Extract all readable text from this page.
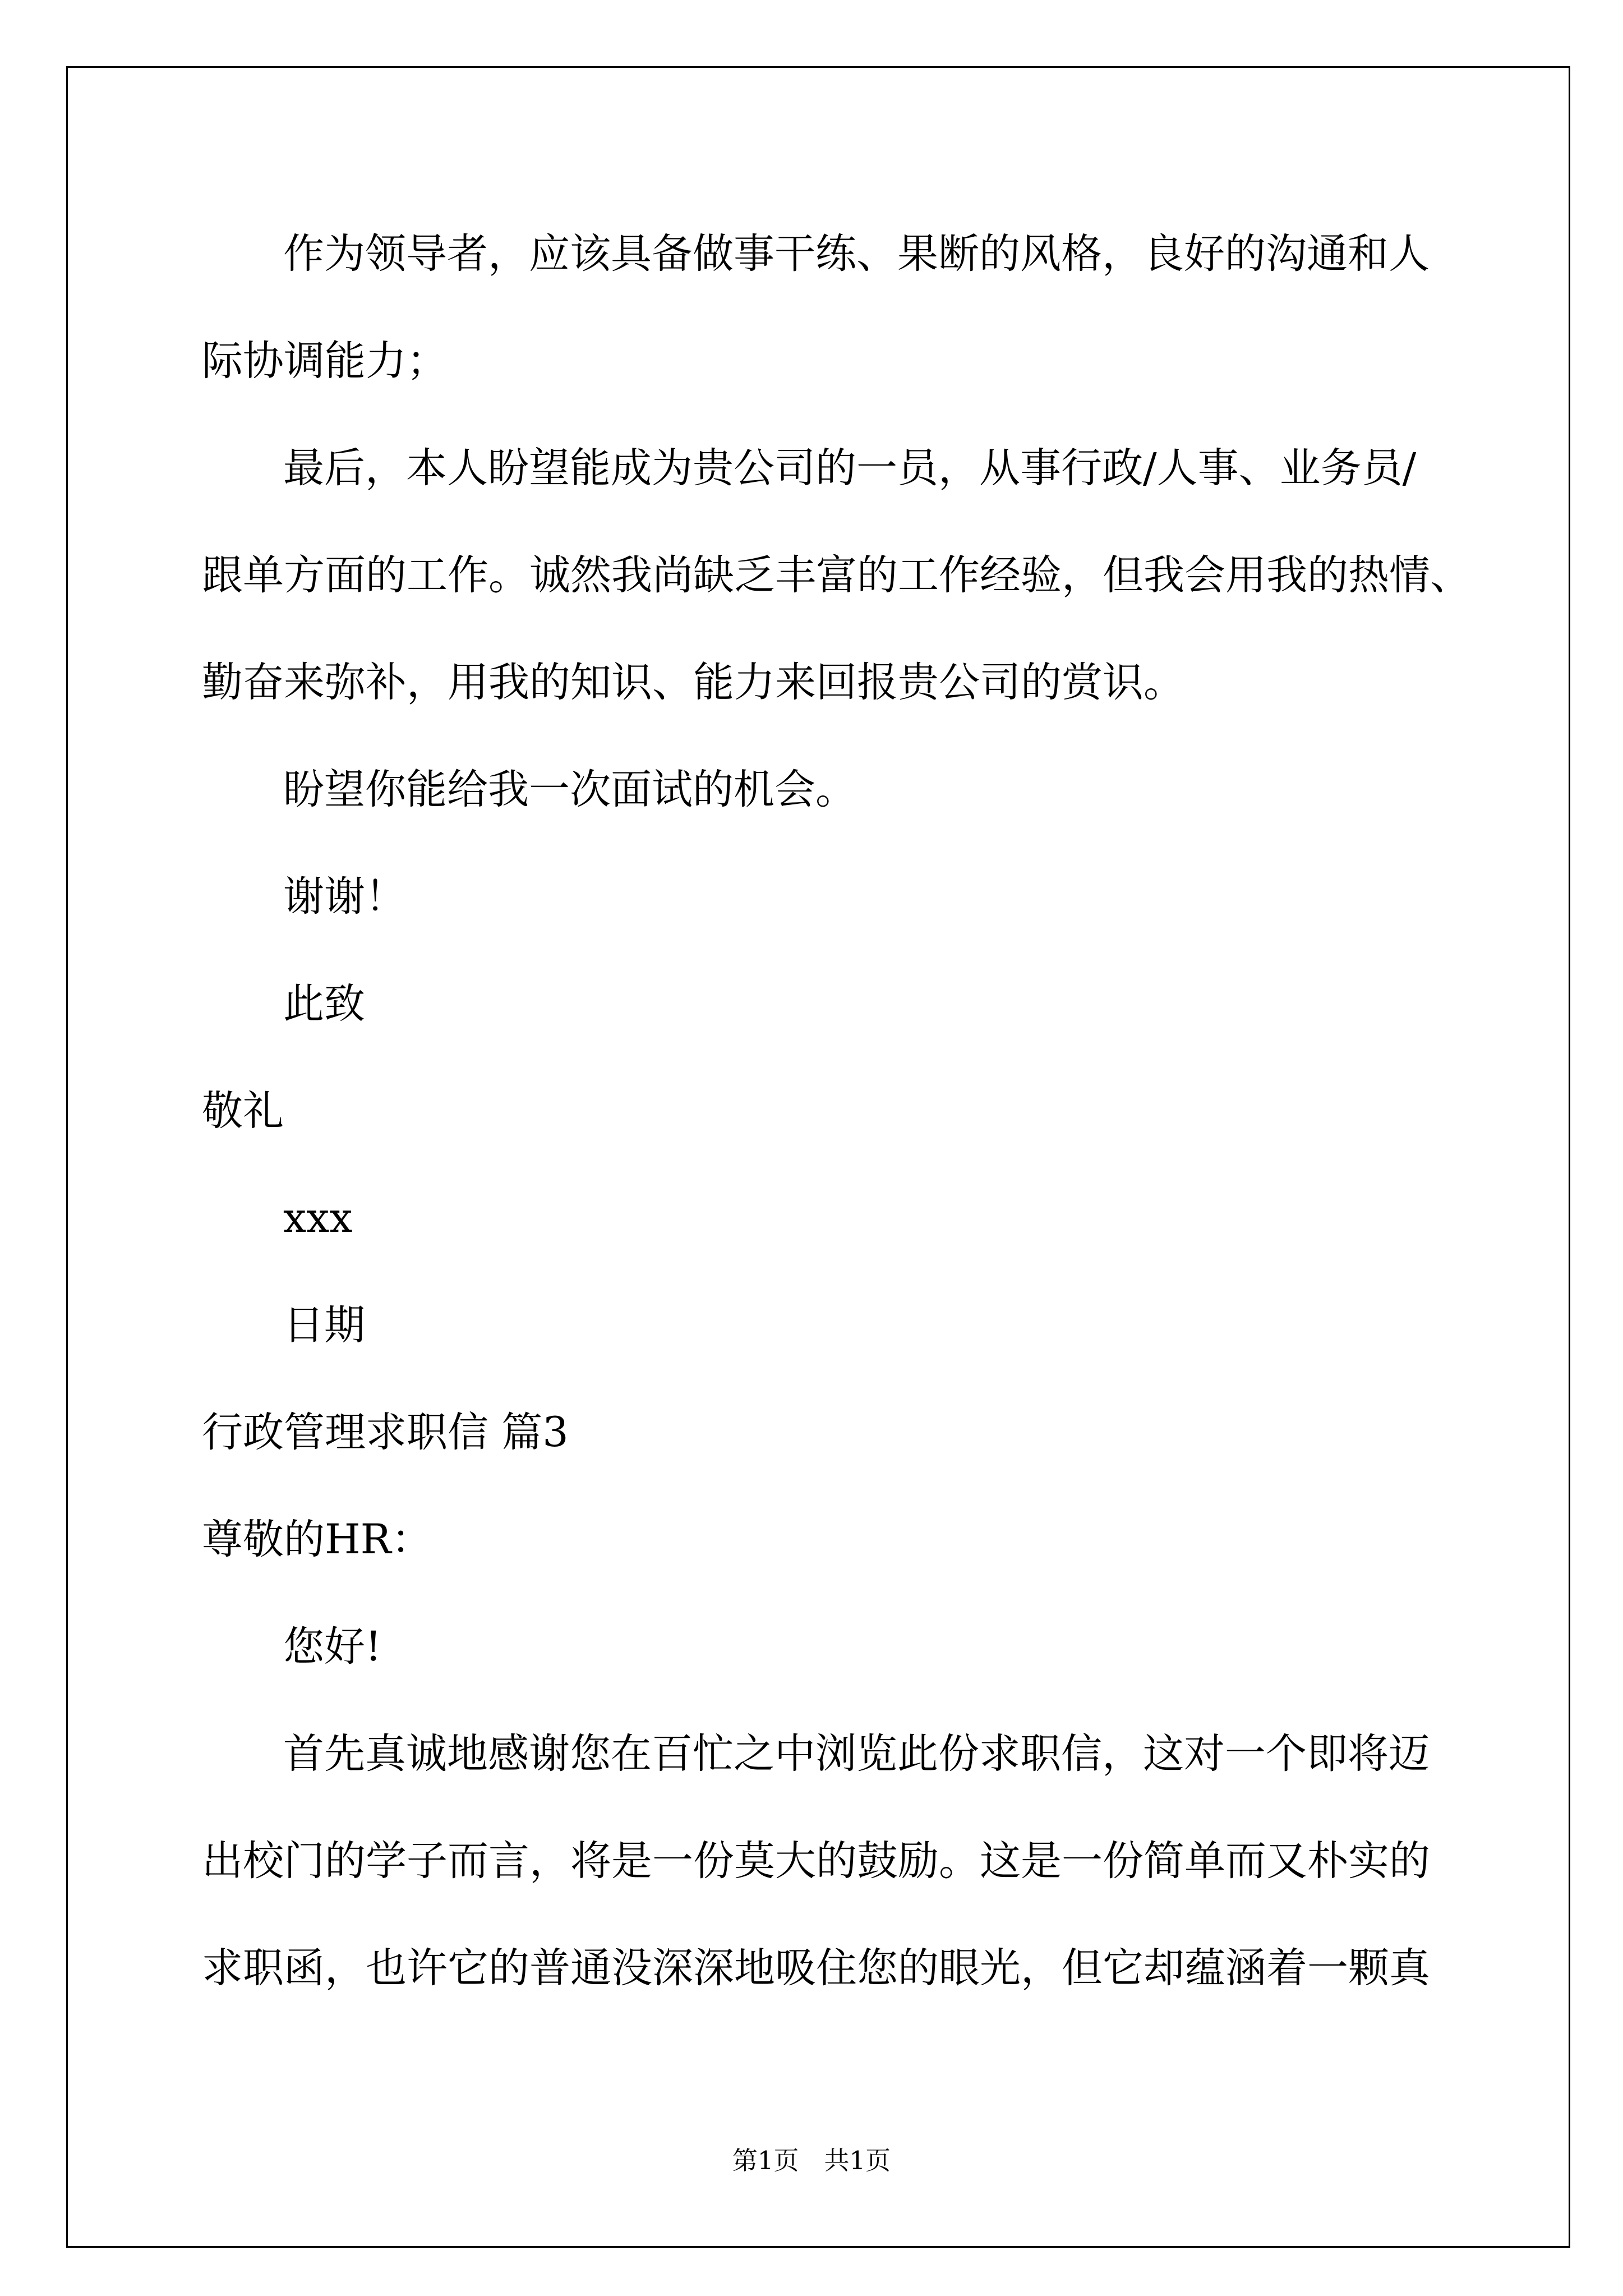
作为领导者，应该具备做事干练、果断的风格，良好的沟通和人
际协调能力；
最后，本人盼望能成为贵公司的一员，从事行政/人事、业务员/
跟单方面的工作。诚然我尚缺乏丰富的工作经验，但我会用我的热情、
勤奋来弥补，用我的知识、能力来回报贵公司的赏识。
盼望你能给我一次面试的机会。
谢谢！
此致
敬礼
xxx
日期
行政管理求职信 篇3
尊敬的HR：
您好!
首先真诚地感谢您在百忙之中浏览此份求职信，这对一个即将迈
出校门的学子而言，将是一份莫大的鼓励。这是一份简单而又朴实的
求职函，也许它的普通没深深地吸住您的眼光，但它却蕴涵着一颗真
第1页 共1页
